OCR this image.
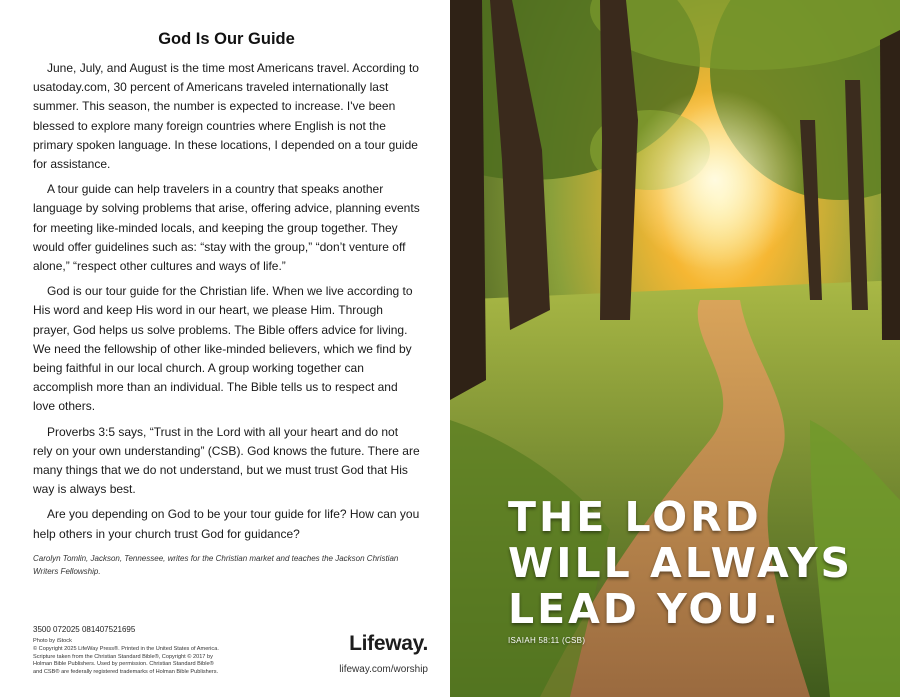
God Is Our Guide

June, July, and August is the time most Americans travel. According to usatoday.com, 30 percent of Americans traveled internationally last summer. This season, the number is expected to increase. I've been blessed to explore many foreign countries where English is not the primary spoken language. In these locations, I depended on a tour guide for assistance.

A tour guide can help travelers in a country that speaks another language by solving problems that arise, offering advice, planning events for meeting like-minded locals, and keeping the group together. They would offer guidelines such as: “stay with the group,” “don’t venture off alone,” “respect other cultures and ways of life.”

God is our tour guide for the Christian life. When we live according to His word and keep His word in our heart, we please Him. Through prayer, God helps us solve problems. The Bible offers advice for living. We need the fellowship of other like-minded believers, which we find by being faithful in our local church. A group working together can accomplish more than an individual. The Bible tells us to respect and love others.

Proverbs 3:5 says, “Trust in the Lord with all your heart and do not rely on your own understanding” (CSB). God knows the future. There are many things that we do not understand, but we must trust God that His way is always best.

Are you depending on God to be your tour guide for life? How can you help others in your church trust God for guidance?

Carolyn Tomlin, Jackson, Tennessee, writes for the Christian market and teaches the Jackson Christian Writers Fellowship.

3500 072025 081407521695

Photo by iStock

© Copyright 2025 LifeWay Press®. Printed in the United States of America.

Scripture taken from the Christian Standard Bible®, Copyright © 2017 by

Holman Bible Publishers. Used by permission. Christian Standard Bible®

and CSB® are federally registered trademarks of Holman Bible Publishers.

Lifeway.
lifeway.com/worship
THE LORD
WILL ALWAYS
LEAD YOU.
ISAIAH 58:11 (CSB)
